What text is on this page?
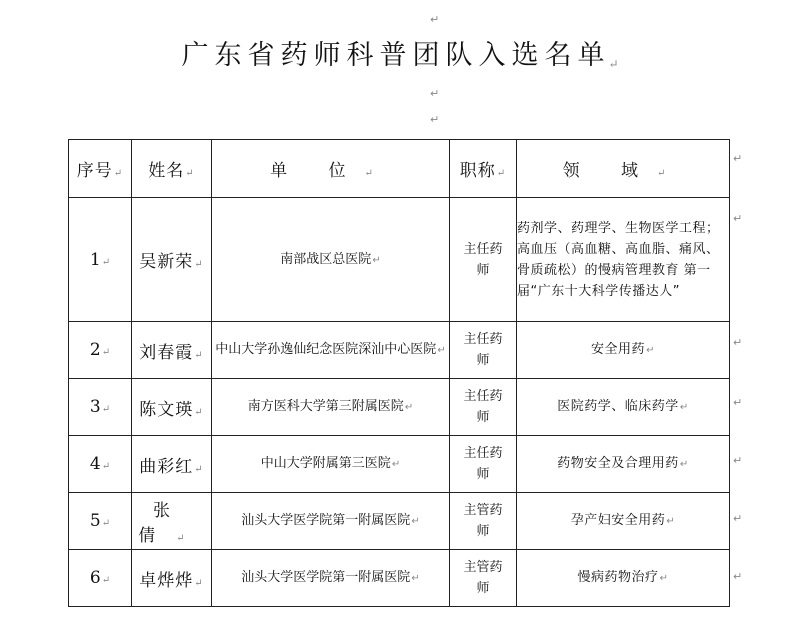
↵
广东省药师科普团队入选名单↵
↵
↵
序号↵	姓名↵	单 位↵	职称↵	领 域↵
1↵	吴新荣↵	南部战区总医院↵	主任药师	药剂学、药理学、生物医学工程；高血压（高血糖、高血脂、痛风、骨质疏松）的慢病管理教育 第一届“广东十大科学传播达人”
2↵	刘春霞↵	中山大学孙逸仙纪念医院深汕中心医院↵	主任药师	安全用药↵
3↵	陈文瑛↵	南方医科大学第三附属医院↵	主任药师	医院药学、临床药学↵
4↵	曲彩红↵	中山大学附属第三医院↵	主任药师	药物安全及合理用药↵
5↵	张 倩↵	汕头大学医学院第一附属医院↵	主管药师	孕产妇安全用药↵
6↵	卓烨烨↵	汕头大学医学院第一附属医院↵	主管药师	慢病药物治疗↵
↵
↵
↵
↵
↵
↵
↵
